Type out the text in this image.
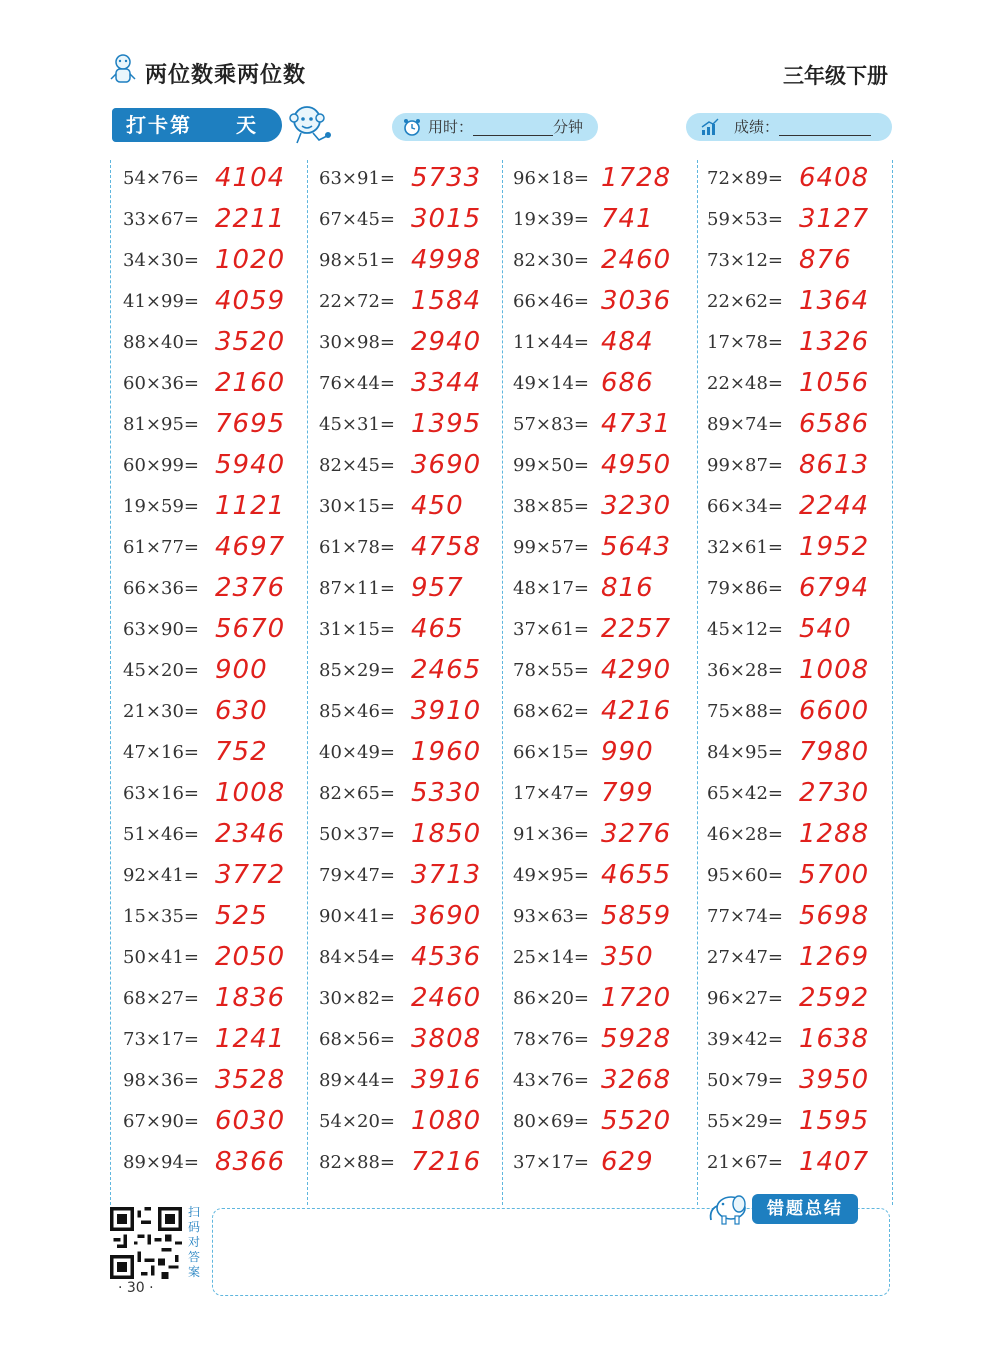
两位数乘两位数	三年级下册
打卡第　　天	用时：	分钟	成绩：
54×76= 4104
33×67= 2211
34×30= 1020
41×99= 4059
88×40= 3520
60×36= 2160
81×95= 7695
60×99= 5940
19×59= 1121
61×77= 4697
66×36= 2376
63×90= 5670
45×20= 900
21×30= 630
47×16= 752
63×16= 1008
51×46= 2346
92×41= 3772
15×35= 525
50×41= 2050
68×27= 1836
73×17= 1241
98×36= 3528
67×90= 6030
89×94= 8366
63×91= 5733
67×45= 3015
98×51= 4998
22×72= 1584
30×98= 2940
76×44= 3344
45×31= 1395
82×45= 3690
30×15= 450
61×78= 4758
87×11= 957
31×15= 465
85×29= 2465
85×46= 3910
40×49= 1960
82×65= 5330
50×37= 1850
79×47= 3713
90×41= 3690
84×54= 4536
30×82= 2460
68×56= 3808
89×44= 3916
54×20= 1080
82×88= 7216
96×18= 1728
19×39= 741
82×30= 2460
66×46= 3036
11×44= 484
49×14= 686
57×83= 4731
99×50= 4950
38×85= 3230
99×57= 5643
48×17= 816
37×61= 2257
78×55= 4290
68×62= 4216
66×15= 990
17×47= 799
91×36= 3276
49×95= 4655
93×63= 5859
25×14= 350
86×20= 1720
78×76= 5928
43×76= 3268
80×69= 5520
37×17= 629
72×89= 6408
59×53= 3127
73×12= 876
22×62= 1364
17×78= 1326
22×48= 1056
89×74= 6586
99×87= 8613
66×34= 2244
32×61= 1952
79×86= 6794
45×12= 540
36×28= 1008
75×88= 6600
84×95= 7980
65×42= 2730
46×28= 1288
95×60= 5700
77×74= 5698
27×47= 1269
96×27= 2592
39×42= 1638
50×79= 3950
55×29= 1595
21×67= 1407
扫码对答案
· 30 ·
错题总结
